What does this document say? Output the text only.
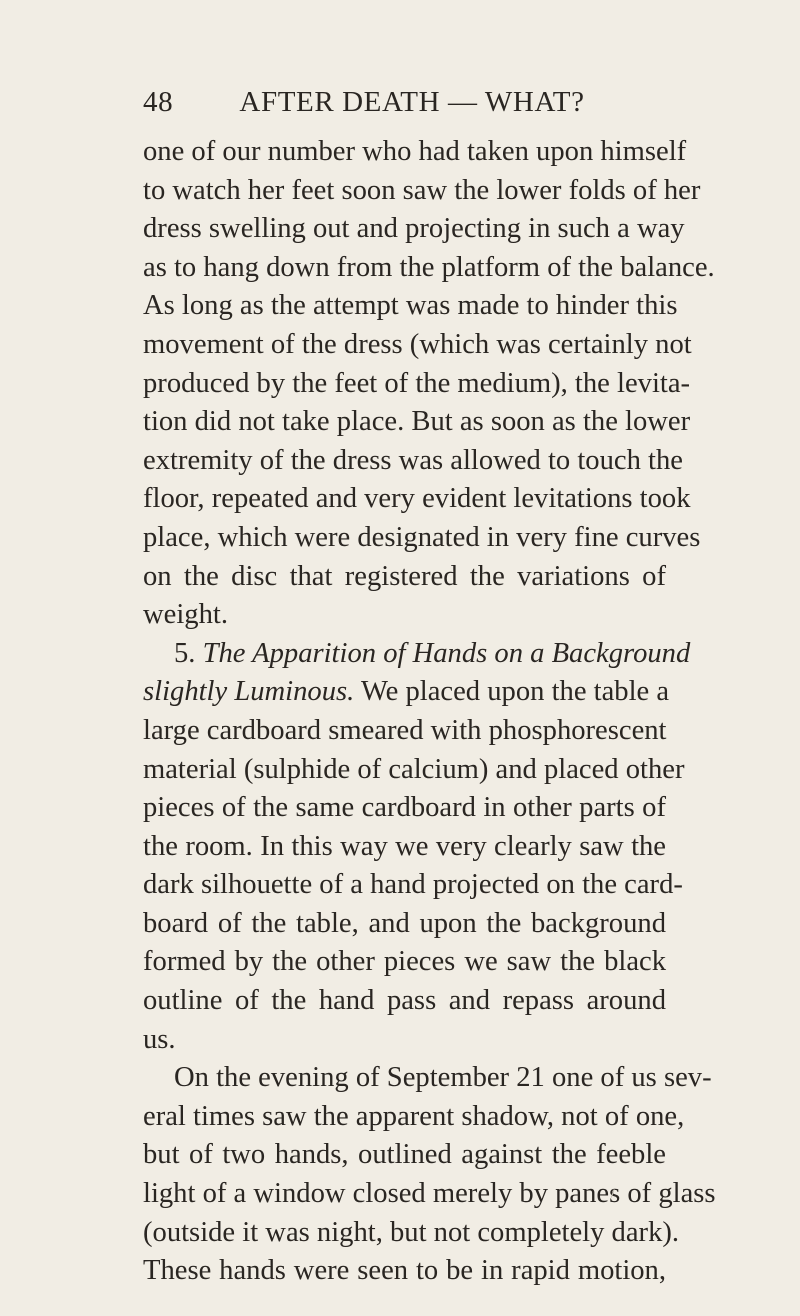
48	AFTER DEATH — WHAT?
one of our number who had taken upon himself
to watch her feet soon saw the lower folds of her
dress swelling out and projecting in such a way
as to hang down from the platform of the balance.
As long as the attempt was made to hinder this
movement of the dress (which was certainly not
produced by the feet of the medium), the levita-
tion did not take place. But as soon as the lower
extremity of the dress was allowed to touch the
floor, repeated and very evident levitations took
place, which were designated in very fine curves
on the disc that registered the variations of
weight.
5. The Apparition of Hands on a Background
slightly Luminous. We placed upon the table a
large cardboard smeared with phosphorescent
material (sulphide of calcium) and placed other
pieces of the same cardboard in other parts of
the room. In this way we very clearly saw the
dark silhouette of a hand projected on the card-
board of the table, and upon the background
formed by the other pieces we saw the black
outline of the hand pass and repass around
us.
On the evening of September 21 one of us sev-
eral times saw the apparent shadow, not of one,
but of two hands, outlined against the feeble
light of a window closed merely by panes of glass
(outside it was night, but not completely dark).
These hands were seen to be in rapid motion,
